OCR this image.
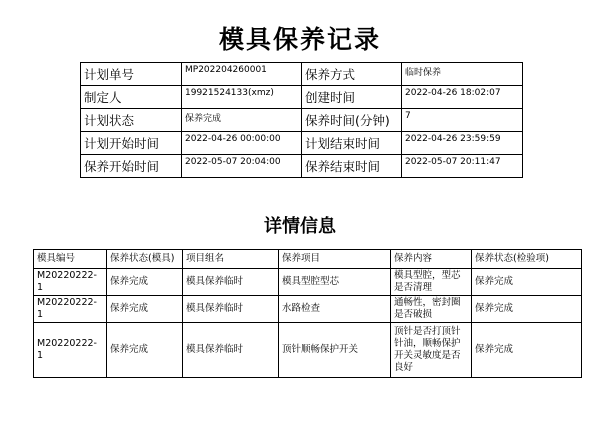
模具保养记录
计划单号	MP202204260001	保养方式	临时保养
制定人	19921524133(xmz)	创建时间	2022-04-26 18:02:07
计划状态	保养完成	保养时间(分钟)	7
计划开始时间	2022-04-26 00:00:00	计划结束时间	2022-04-26 23:59:59
保养开始时间	2022-05-07 20:04:00	保养结束时间	2022-05-07 20:11:47
详情信息
模具编号	保养状态(模具)	项目组名	保养项目	保养内容	保养状态(检验项)
M20220222-1	保养完成	模具保养临时	模具型腔型芯	模具型腔，型芯是否清理	保养完成
M20220222-1	保养完成	模具保养临时	水路检查	通畅性，密封圈是否破损	保养完成
M20220222-1	保养完成	模具保养临时	顶针顺畅保护开关	顶针是否打顶针针油，顺畅保护开关灵敏度是否良好	保养完成
